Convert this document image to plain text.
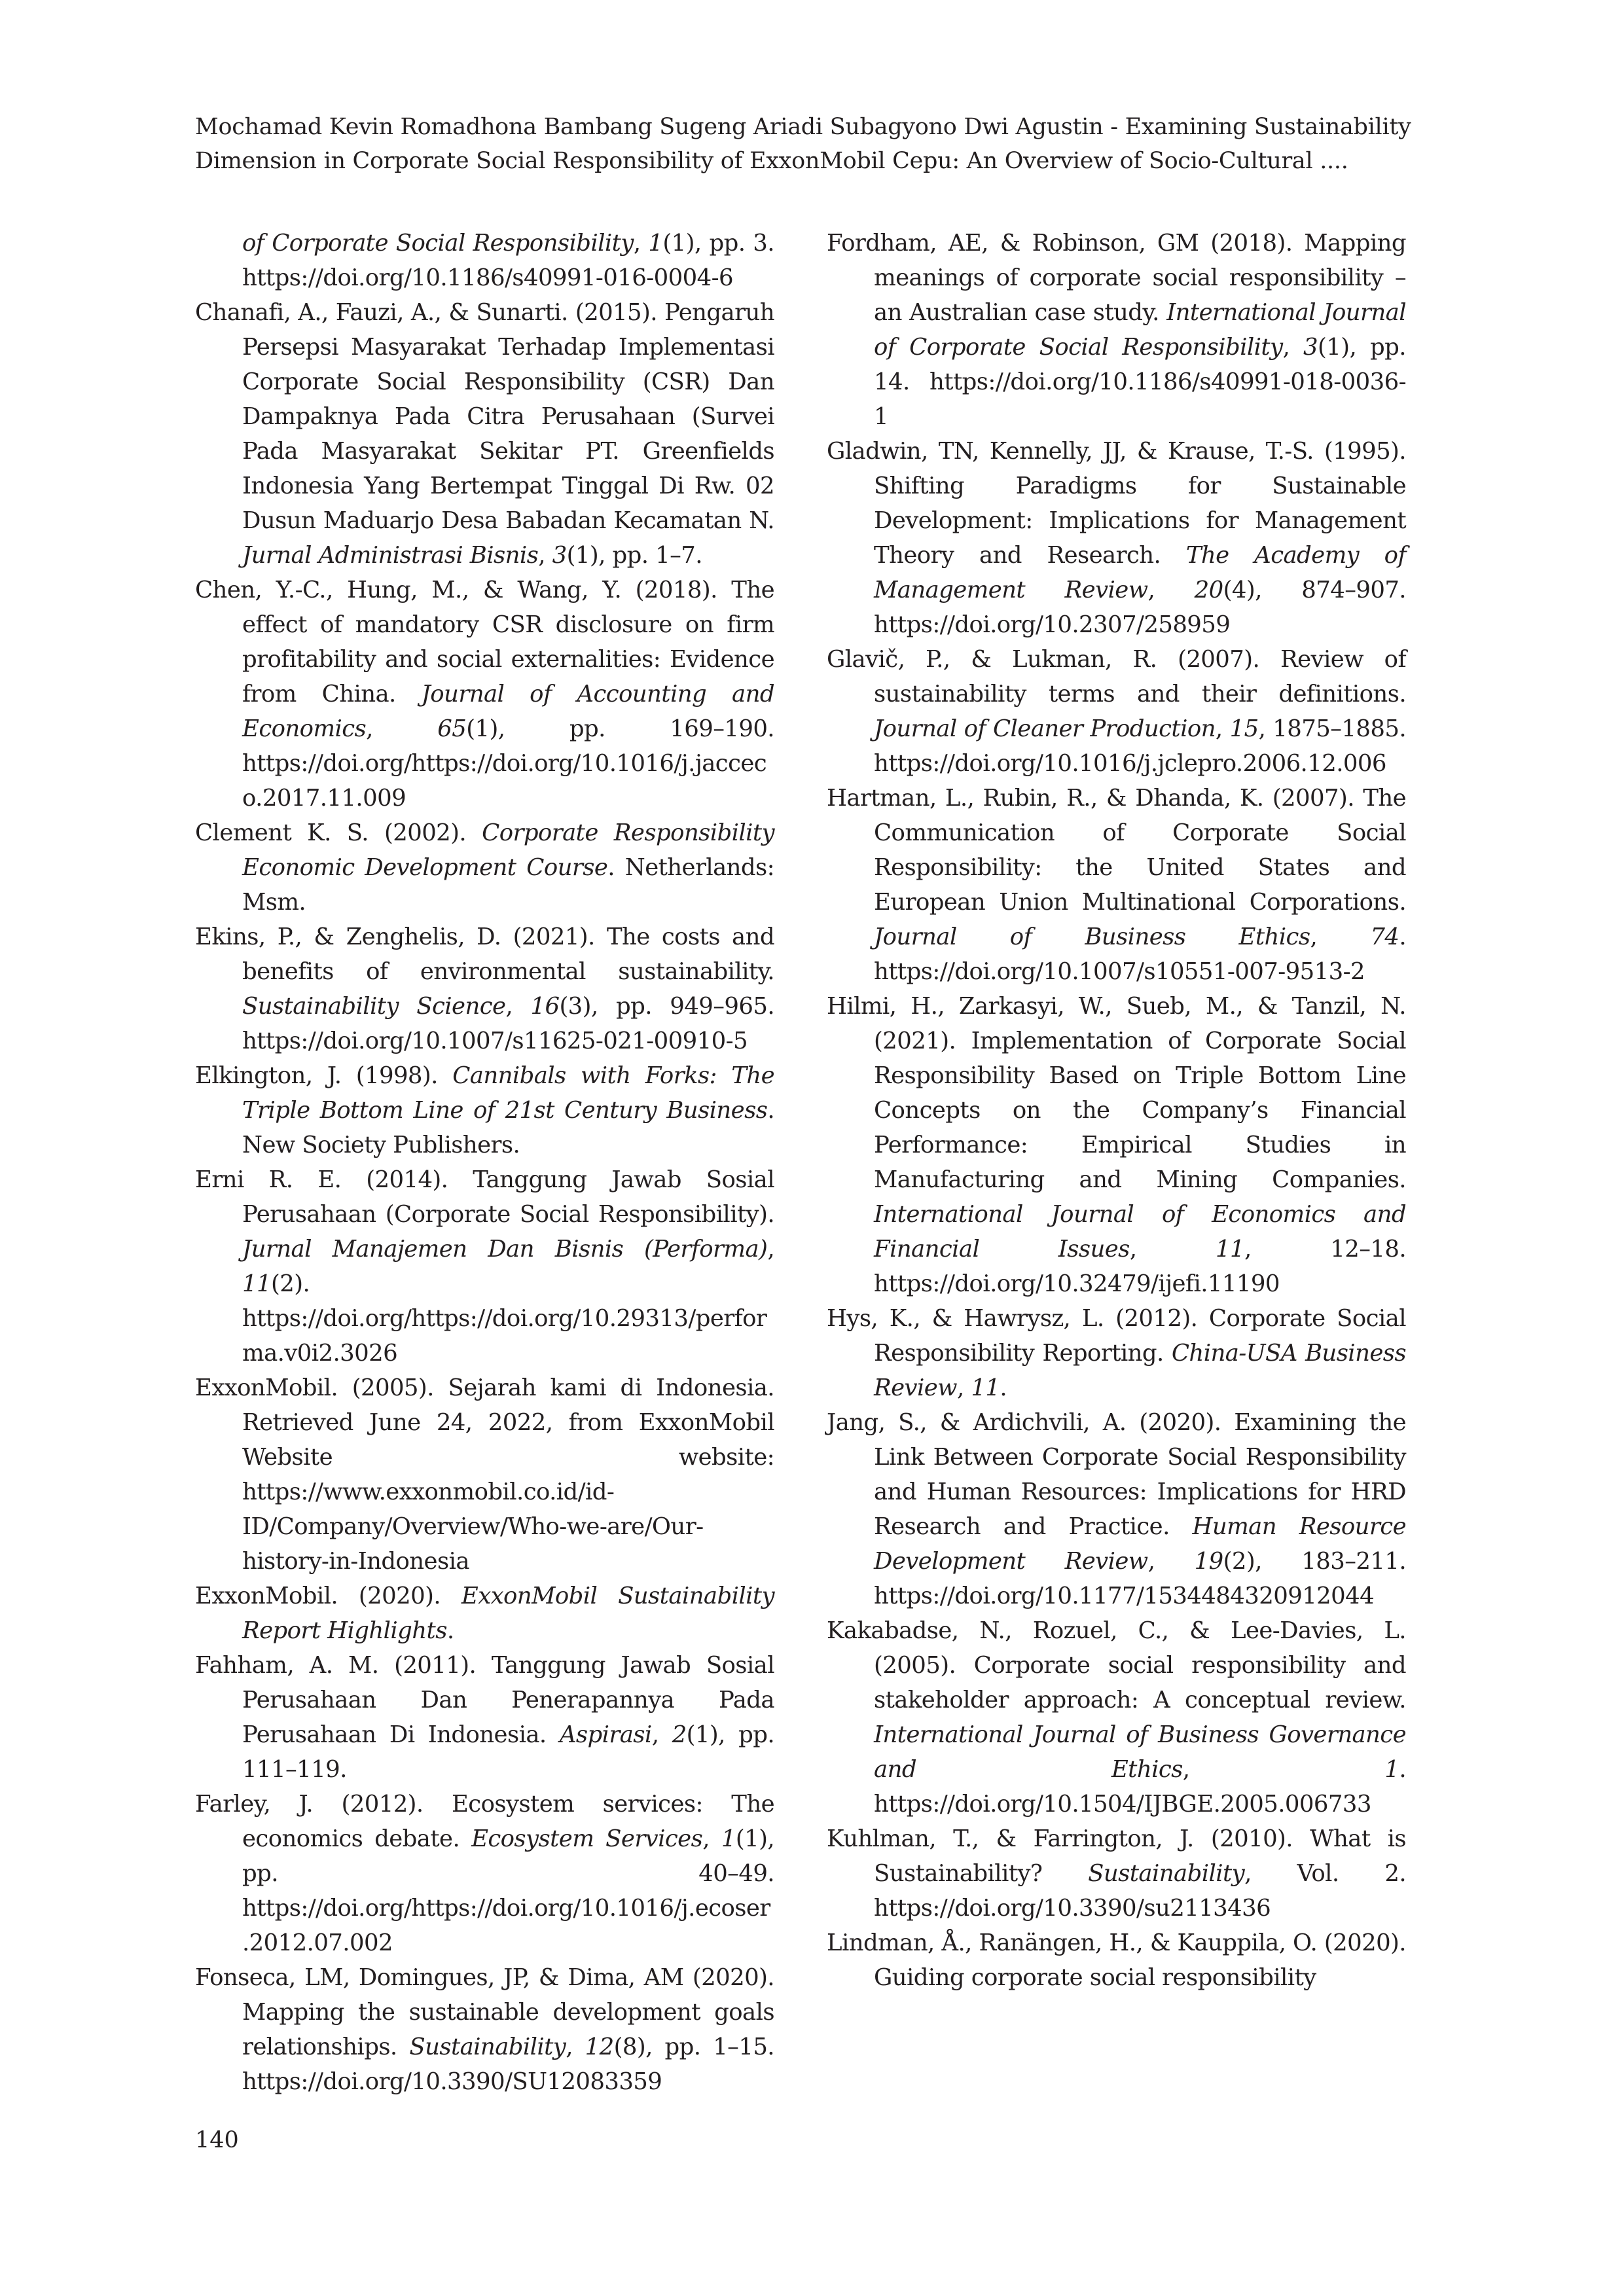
Mochamad Kevin Romadhona Bambang Sugeng Ariadi Subagyono Dwi Agustin - Examining Sustainability
Dimension in Corporate Social Responsibility of ExxonMobil Cepu: An Overview of Socio-Cultural ....

of Corporate Social Responsibility, 1(1), pp. 3. https://doi.org/10.1186/s40991-016-0004-6

Chanafi, A., Fauzi, A., & Sunarti. (2015). Pengaruh Persepsi Masyarakat Terhadap Implementasi Corporate Social Responsibility (CSR) Dan Dampaknya Pada Citra Perusahaan (Survei Pada Masyarakat Sekitar PT. Greenfields Indonesia Yang Bertempat Tinggal Di Rw. 02 Dusun Maduarjo Desa Babadan Kecamatan N. Jurnal Administrasi Bisnis, 3(1), pp. 1–7.

Chen, Y.-C., Hung, M., & Wang, Y. (2018). The effect of mandatory CSR disclosure on firm profitability and social externalities: Evidence from China. Journal of Accounting and Economics, 65(1), pp. 169–190. https://doi.org/https://doi.org/10.1016/j.jacceco.2017.11.009

Clement K. S. (2002). Corporate Responsibility Economic Development Course. Netherlands: Msm.

Ekins, P., & Zenghelis, D. (2021). The costs and benefits of environmental sustainability. Sustainability Science, 16(3), pp. 949–965. https://doi.org/10.1007/s11625-021-00910-5

Elkington, J. (1998). Cannibals with Forks: The Triple Bottom Line of 21st Century Business. New Society Publishers.

Erni R. E. (2014). Tanggung Jawab Sosial Perusahaan (Corporate Social Responsibility). Jurnal Manajemen Dan Bisnis (Performa), 11(2). https://doi.org/https://doi.org/10.29313/performa.v0i2.3026

ExxonMobil. (2005). Sejarah kami di Indonesia. Retrieved June 24, 2022, from ExxonMobil Website website: https://www.exxonmobil.co.id/id-ID/Company/Overview/Who-we-are/Our-history-in-Indonesia

ExxonMobil. (2020). ExxonMobil Sustainability Report Highlights.

Fahham, A. M. (2011). Tanggung Jawab Sosial Perusahaan Dan Penerapannya Pada Perusahaan Di Indonesia. Aspirasi, 2(1), pp. 111–119.

Farley, J. (2012). Ecosystem services: The economics debate. Ecosystem Services, 1(1), pp. 40–49. https://doi.org/https://doi.org/10.1016/j.ecoser.2012.07.002

Fonseca, LM, Domingues, JP, & Dima, AM (2020). Mapping the sustainable development goals relationships. Sustainability, 12(8), pp. 1–15. https://doi.org/10.3390/SU12083359

Fordham, AE, & Robinson, GM (2018). Mapping meanings of corporate social responsibility – an Australian case study. International Journal of Corporate Social Responsibility, 3(1), pp. 14. https://doi.org/10.1186/s40991-018-0036-1

Gladwin, TN, Kennelly, JJ, & Krause, T.-S. (1995). Shifting Paradigms for Sustainable Development: Implications for Management Theory and Research. The Academy of Management Review, 20(4), 874–907. https://doi.org/10.2307/258959

Glavič, P., & Lukman, R. (2007). Review of sustainability terms and their definitions. Journal of Cleaner Production, 15, 1875–1885. https://doi.org/10.1016/j.jclepro.2006.12.006

Hartman, L., Rubin, R., & Dhanda, K. (2007). The Communication of Corporate Social Responsibility: the United States and European Union Multinational Corporations. Journal of Business Ethics, 74. https://doi.org/10.1007/s10551-007-9513-2

Hilmi, H., Zarkasyi, W., Sueb, M., & Tanzil, N. (2021). Implementation of Corporate Social Responsibility Based on Triple Bottom Line Concepts on the Company’s Financial Performance: Empirical Studies in Manufacturing and Mining Companies. International Journal of Economics and Financial Issues, 11, 12–18. https://doi.org/10.32479/ijefi.11190

Hys, K., & Hawrysz, L. (2012). Corporate Social Responsibility Reporting. China-USA Business Review, 11.

Jang, S., & Ardichvili, A. (2020). Examining the Link Between Corporate Social Responsibility and Human Resources: Implications for HRD Research and Practice. Human Resource Development Review, 19(2), 183–211. https://doi.org/10.1177/1534484320912044

Kakabadse, N., Rozuel, C., & Lee-Davies, L. (2005). Corporate social responsibility and stakeholder approach: A conceptual review. International Journal of Business Governance and Ethics, 1. https://doi.org/10.1504/IJBGE.2005.006733

Kuhlman, T., & Farrington, J. (2010). What is Sustainability? Sustainability, Vol. 2. https://doi.org/10.3390/su2113436

Lindman, Å., Ranängen, H., & Kauppila, O. (2020). Guiding corporate social responsibility

140
